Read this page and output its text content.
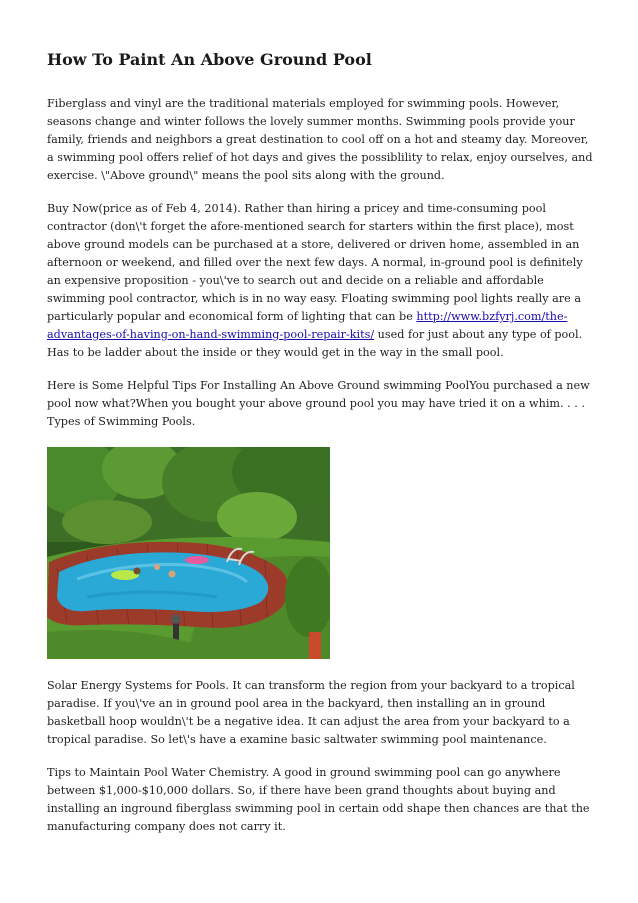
How To Paint An Above Ground Pool

Fiberglass and vinyl are the traditional materials employed for swimming pools. However, seasons change and winter follows the lovely summer months. Swimming pools provide your family, friends and neighbors a great destination to cool off on a hot and steamy day. Moreover, a swimming pool offers relief of hot days and gives the possiblility to relax, enjoy ourselves, and exercise. \"Above ground\" means the pool sits along with the ground.

Buy Now(price as of Feb 4, 2014). Rather than hiring a pricey and time-consuming pool contractor (don\'t forget the afore-mentioned search for starters within the first place), most above ground models can be purchased at a store, delivered or driven home, assembled in an afternoon or weekend, and filled over the next few days. A normal, in-ground pool is definitely an expensive proposition - you\'ve to search out and decide on a reliable and affordable swimming pool contractor, which is in no way easy. Floating swimming pool lights really are a particularly popular and economical form of lighting that can be http://www.bzfyrj.com/the-advantages-of-having-on-hand-swimming-pool-repair-kits/ used for just about any type of pool. Has to be ladder about the inside or they would get in the way in the small pool.

Here is Some Helpful Tips For Installing An Above Ground swimming PoolYou purchased a new pool now what?When you bought your above ground pool you may have tried it on a whim. . . . Types of Swimming Pools.

Solar Energy Systems for Pools. It can transform the region from your backyard to a tropical paradise. If you\'ve an in ground pool area in the backyard, then installing an in ground basketball hoop wouldn\'t be a negative idea. It can adjust the area from your backyard to a tropical paradise. So let\'s have a examine basic saltwater swimming pool maintenance.

Tips to Maintain Pool Water Chemistry. A good in ground swimming pool can go anywhere between $1,000-$10,000 dollars. So, if there have been grand thoughts about buying and installing an inground fiberglass swimming pool in certain odd shape then chances are that the manufacturing company does not carry it.
